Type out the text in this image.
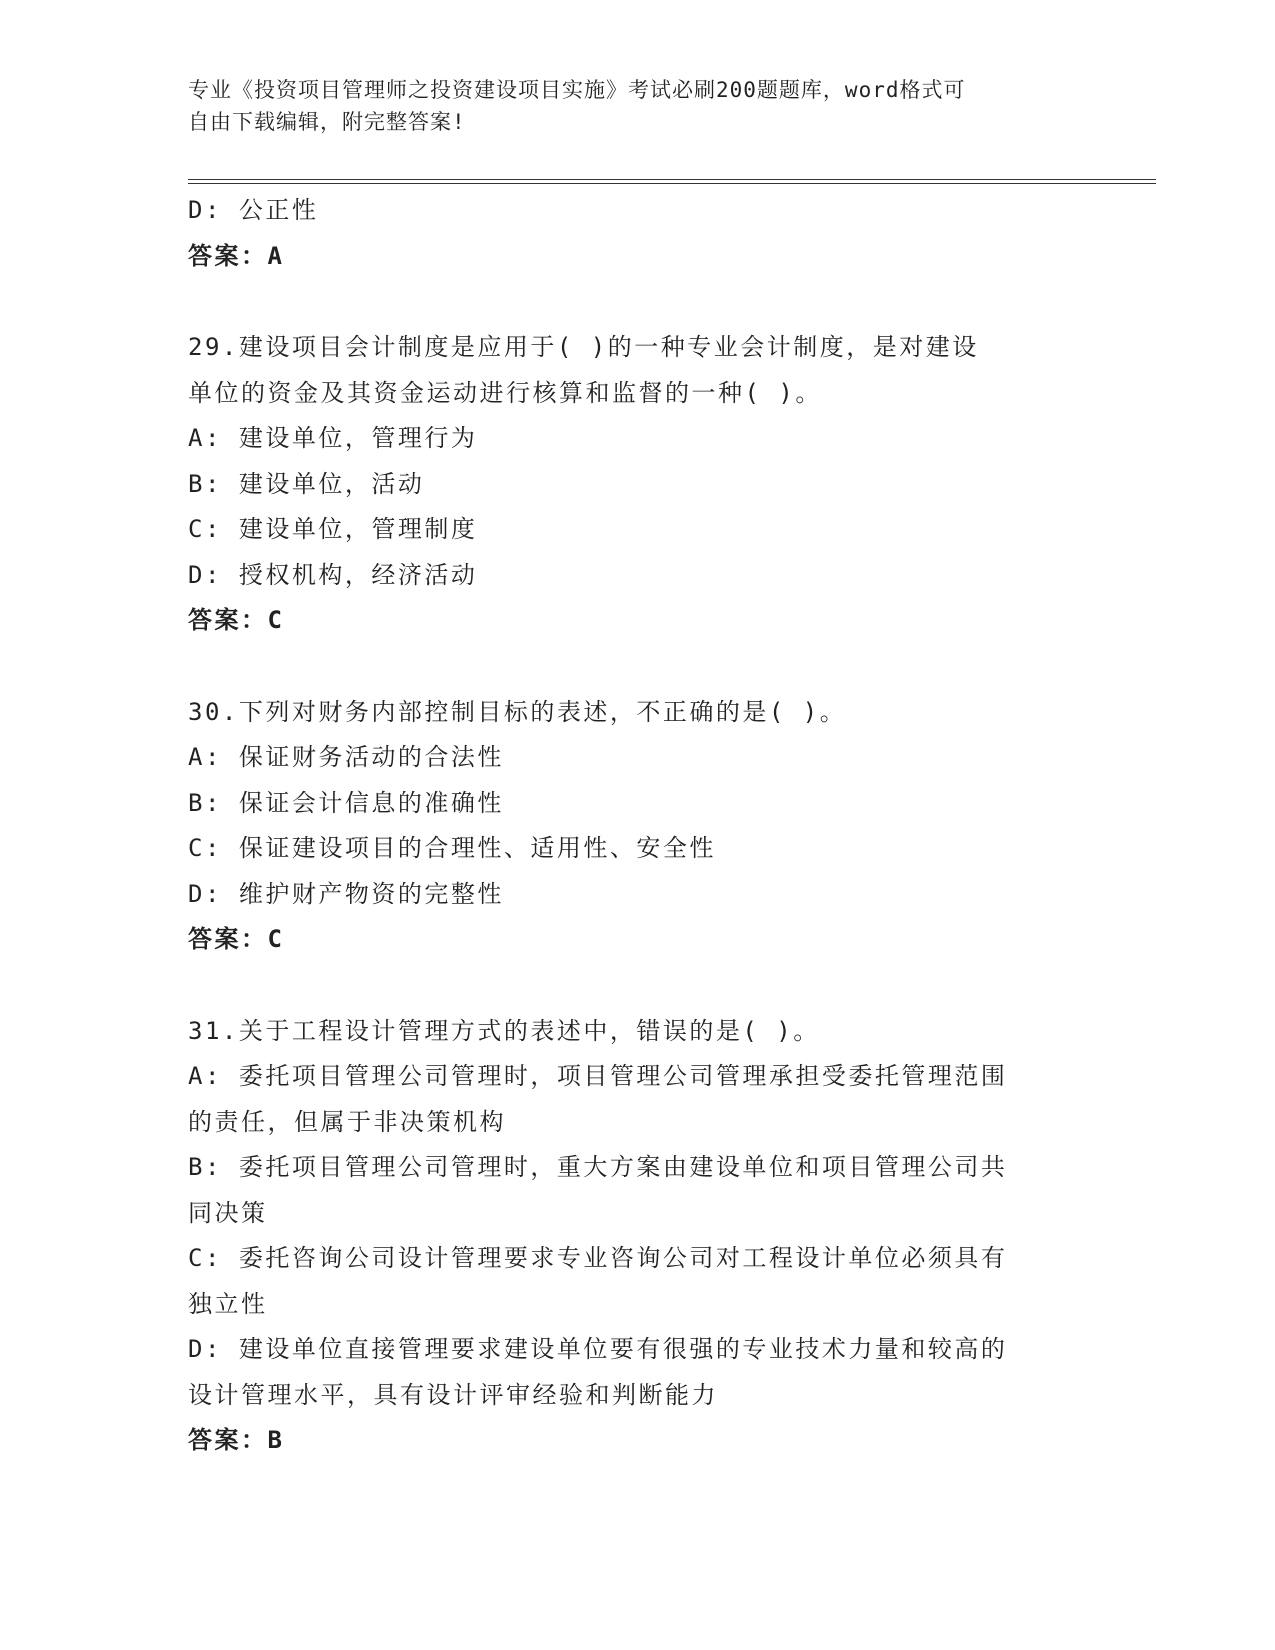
专业《投资项目管理师之投资建设项目实施》考试必刷200题题库，word格式可
自由下载编辑，附完整答案!
D: 公正性
答案：A
29.建设项目会计制度是应用于( )的一种专业会计制度，是对建设
单位的资金及其资金运动进行核算和监督的一种( )。
A: 建设单位，管理行为
B: 建设单位，活动
C: 建设单位，管理制度
D: 授权机构，经济活动
答案：C
30.下列对财务内部控制目标的表述，不正确的是( )。
A: 保证财务活动的合法性
B: 保证会计信息的准确性
C: 保证建设项目的合理性、适用性、安全性
D: 维护财产物资的完整性
答案：C
31.关于工程设计管理方式的表述中，错误的是( )。
A: 委托项目管理公司管理时，项目管理公司管理承担受委托管理范围
的责任，但属于非决策机构
B: 委托项目管理公司管理时，重大方案由建设单位和项目管理公司共
同决策
C: 委托咨询公司设计管理要求专业咨询公司对工程设计单位必须具有
独立性
D: 建设单位直接管理要求建设单位要有很强的专业技术力量和较高的
设计管理水平，具有设计评审经验和判断能力
答案：B
